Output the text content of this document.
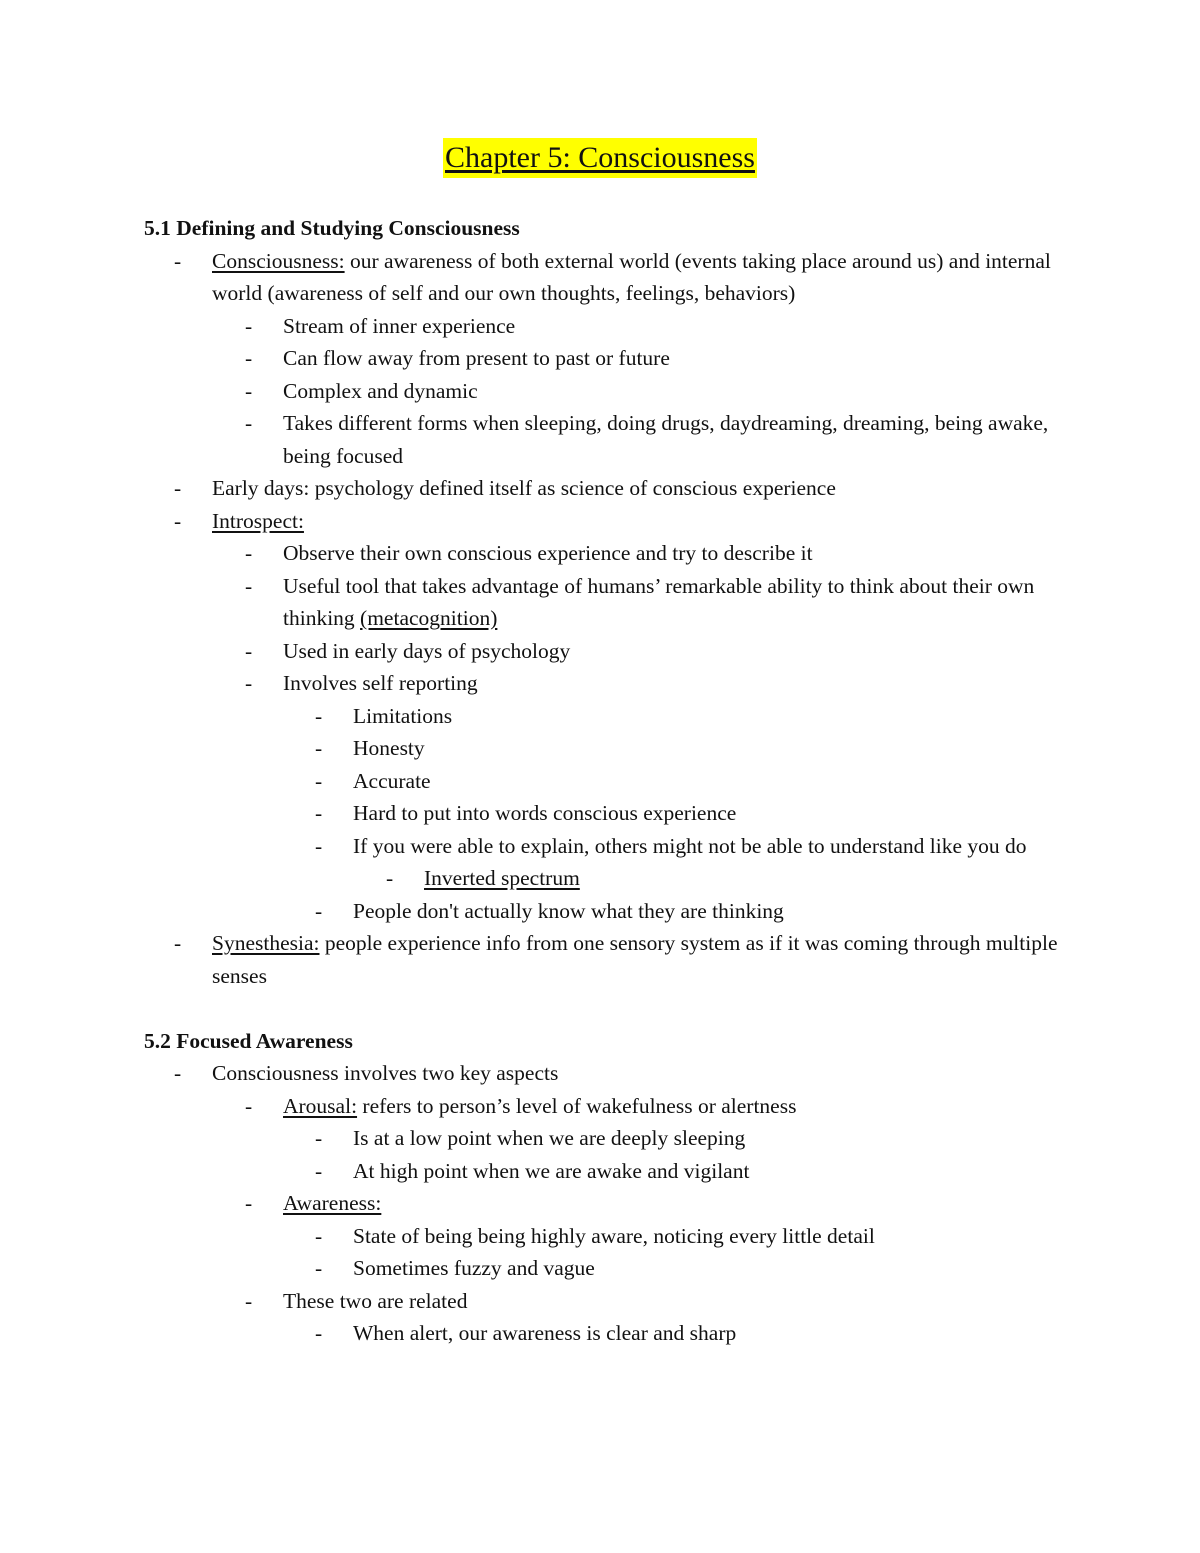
Chapter 5: Consciousness
5.1 Defining and Studying Consciousness
- Consciousness: our awareness of both external world (events taking place around us) and internal world (awareness of self and our own thoughts, feelings, behaviors)
- Stream of inner experience
- Can flow away from present to past or future
- Complex and dynamic
- Takes different forms when sleeping, doing drugs, daydreaming, dreaming, being awake, being focused
- Early days: psychology defined itself as science of conscious experience
- Introspect:
- Observe their own conscious experience and try to describe it
- Useful tool that takes advantage of humans’ remarkable ability to think about their own thinking (metacognition)
- Used in early days of psychology
- Involves self reporting
- Limitations
- Honesty
- Accurate
- Hard to put into words conscious experience
- If you were able to explain, others might not be able to understand like you do
- Inverted spectrum
- People don't actually know what they are thinking
- Synesthesia: people experience info from one sensory system as if it was coming through multiple senses
5.2 Focused Awareness
- Consciousness involves two key aspects
- Arousal: refers to person’s level of wakefulness or alertness
- Is at a low point when we are deeply sleeping
- At high point when we are awake and vigilant
- Awareness:
- State of being being highly aware, noticing every little detail
- Sometimes fuzzy and vague
- These two are related
- When alert, our awareness is clear and sharp
